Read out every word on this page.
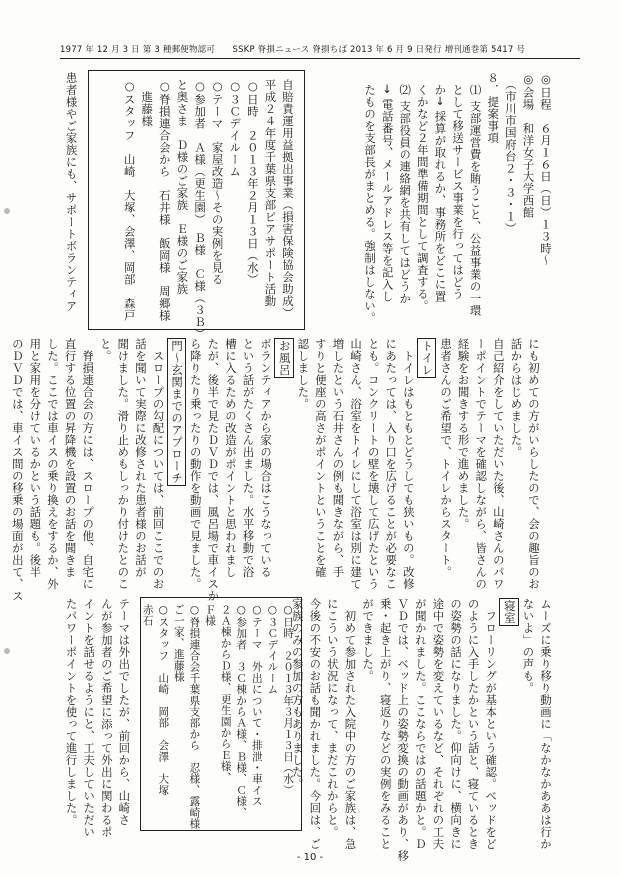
1977 年 12 月 3 日 第 3 種郵便物認可　　SSKP 脊損ニュース 脊損ちば 2013 年 6 月 9 日発行 増刊通巻第 5417 号
◎日程　６月１６日（日）１３時～
◎会場　和洋女子大学西館
　（市川市国府台２・３・１）
８．提案事項
　⑴ 支部運営費を賄うこと、公益事業の一環
　として移送サービス事業を行ってはどう
　か→ 採算が取れるか、事務所をどこに置
　くかなど２年間準備期間として調査する。
　⑵ 支部役員の連絡網を共有してはどうか
　→ 電話番号、メールアドレス等を記入し
　たものを支部長がまとめる。強制はしない。
自賠責運用益拠出事業（損害保険協会助成）
平成２４年度千葉県支部ピアサポート活動
○日時　２０１３年２月１３日（水）
○３Ｃデイルーム
○テーマ　家屋改造～その実例を見る
○参加者　Ａ様（更生園）　Ｂ様　Ｃ様（３Ｂ）
と奥さま　Ｄ様のご家族　Ｅ様のご家族
○脊損連合会から　石井様　飯岡様　周郷様
　進藤様
○スタッフ　山崎　大塚、会澤、岡部　森戸
患者様やご家族にも、サポートボランティア
にも初めての方がいらしたので、会の趣旨のお
話からはじめました。
自己紹介をしていただいた後、山崎さんのパワ
ーポイントでテーマを確認しながら、皆さんの
経験をお聞きする形で進めました。
患者さんのご希望で、トイレからスタート。
トイレ
　トイレはもともとどうしても狭いもの。改修
にあたっては、入り口を広げることが必要なこ
とも。コンクリートの壁を壊して広げたという
山崎さん、浴室をトイレにして浴室は別に建て
増したという石井さんの例も聞きながら、手
すりと便座の高さがポイントということを確
認しました。
お風呂
ボランティアから家の場合はこうなっている
という話がたくさん出ました。水平移動で浴
槽に入るための改造がポイントと思われまし
たが、後半で見たＤＶＤでは、風呂場で車イスか
ら降りたり乗ったりの動作を動画で見ました。
門～玄関までのアプローチ
　スロープの勾配については、前回ここでのお
話を聞いて実際に改修された患者様のお話が
聞けました。滑り止めもしっかり付けたとのこ
と。
　脊損連合会の方には、スロープの他、自宅に
直行する位置の昇降機を設置のお話を聞きま
した。ここでは車イスの乗り換えをするか、外
用と家用を分けているかという話題も。後半
のＤＶＤでは、車イス間の移乗の場面が出て、ス
ムーズに乗り移り動画に「なかなかああは行か
ないよ」の声も。
寝室
　フローリングが基本という確認。ベッドをど
のように入手したかという話と、寝ているとき
の姿勢の話になりました。仰向けに、横向きに
途中で姿勢を変えているなど、それぞれの工夫
が聞かれました。ここならではの話題かと。Ｄ
ＶＤでは、ベッド上の姿勢変換の動画があり、移
乗・起き上がり、寝返りなどの実例をみること
ができました。
　初めて参加された入院中の方のご家族は、急
にこういう状況になって、まだこれからと。
今後の不安のお話も聞かれました。今回は、ご
家族のみの参加の方もありました。
○日時　２０１３年３月１３日（水）
○３Ｃデイルーム
○テーマ　外出について・排泄・車イス
○参加者　３Ｃ棟からＡ様、Ｂ様、Ｃ様、
２Ａ棟からＤ様、更生園からＥ様、
Ｆ様
○脊損連合会千葉県支部から　忍様、露崎様
ご一家、進藤様
○スタッフ　山崎　岡部　会澤　大塚
赤石
テーマは外出でしたが、前回から、山崎さ
んが参加者のご希望に添って外出に関わるポ
イントを話せるようにと、工夫していただい
たパワーポイントを使って進行しました。
- 10 -
